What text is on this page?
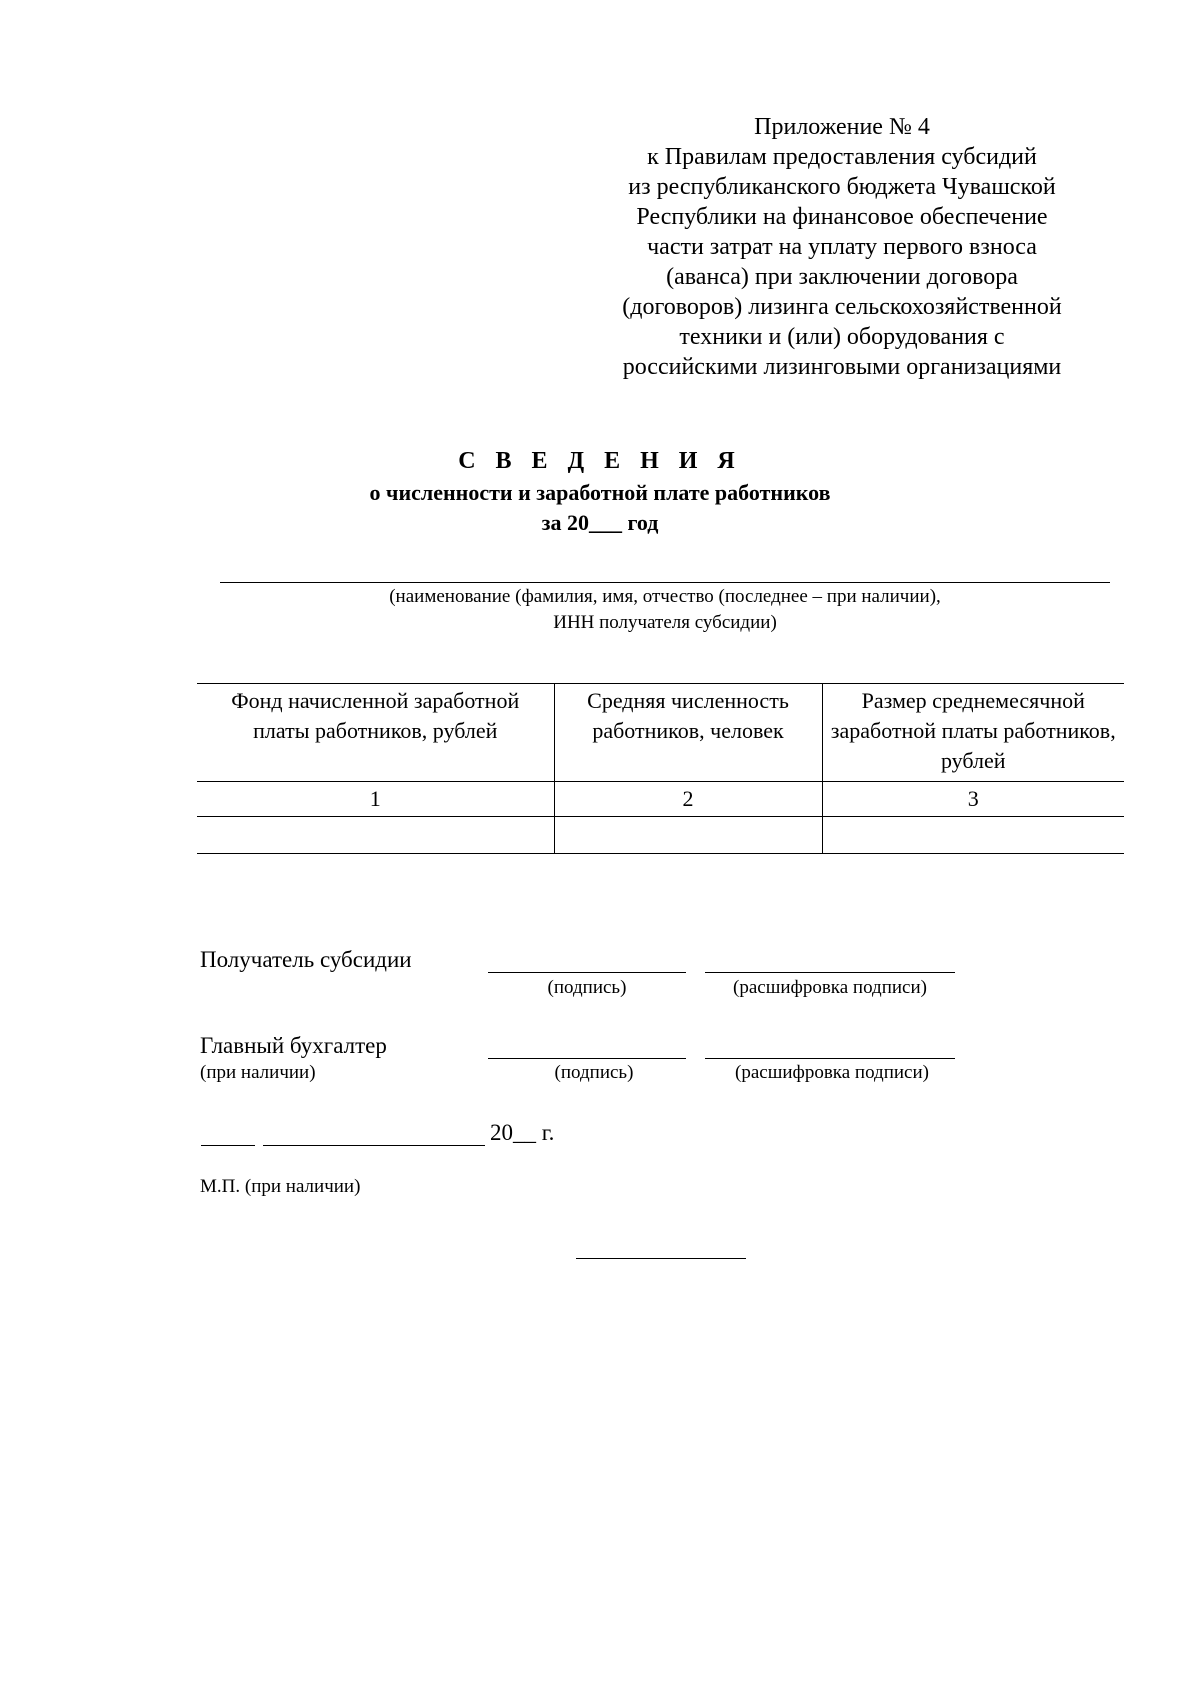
Приложение № 4
к Правилам предоставления субсидий
из республиканского бюджета Чувашской
Республики на финансовое обеспечение
части затрат на уплату первого взноса
(аванса) при заключении договора
(договоров) лизинга сельскохозяйственной
техники и (или) оборудования с
российскими лизинговыми организациями
С В Е Д Е Н И Я
о численности и заработной плате работников
за 20___ год
(наименование (фамилия, имя, отчество (последнее – при наличии),
ИНН получателя субсидии)
Фонд начисленной заработной платы работников, рублей	Средняя численность работников, человек	Размер среднемесячной заработной платы работников, рублей
1	2	3

Получатель субсидии
(подпись)	(расшифровка подписи)
Главный бухгалтер
(при наличии)	(подпись)	(расшифровка подписи)
20__ г.
М.П. (при наличии)
